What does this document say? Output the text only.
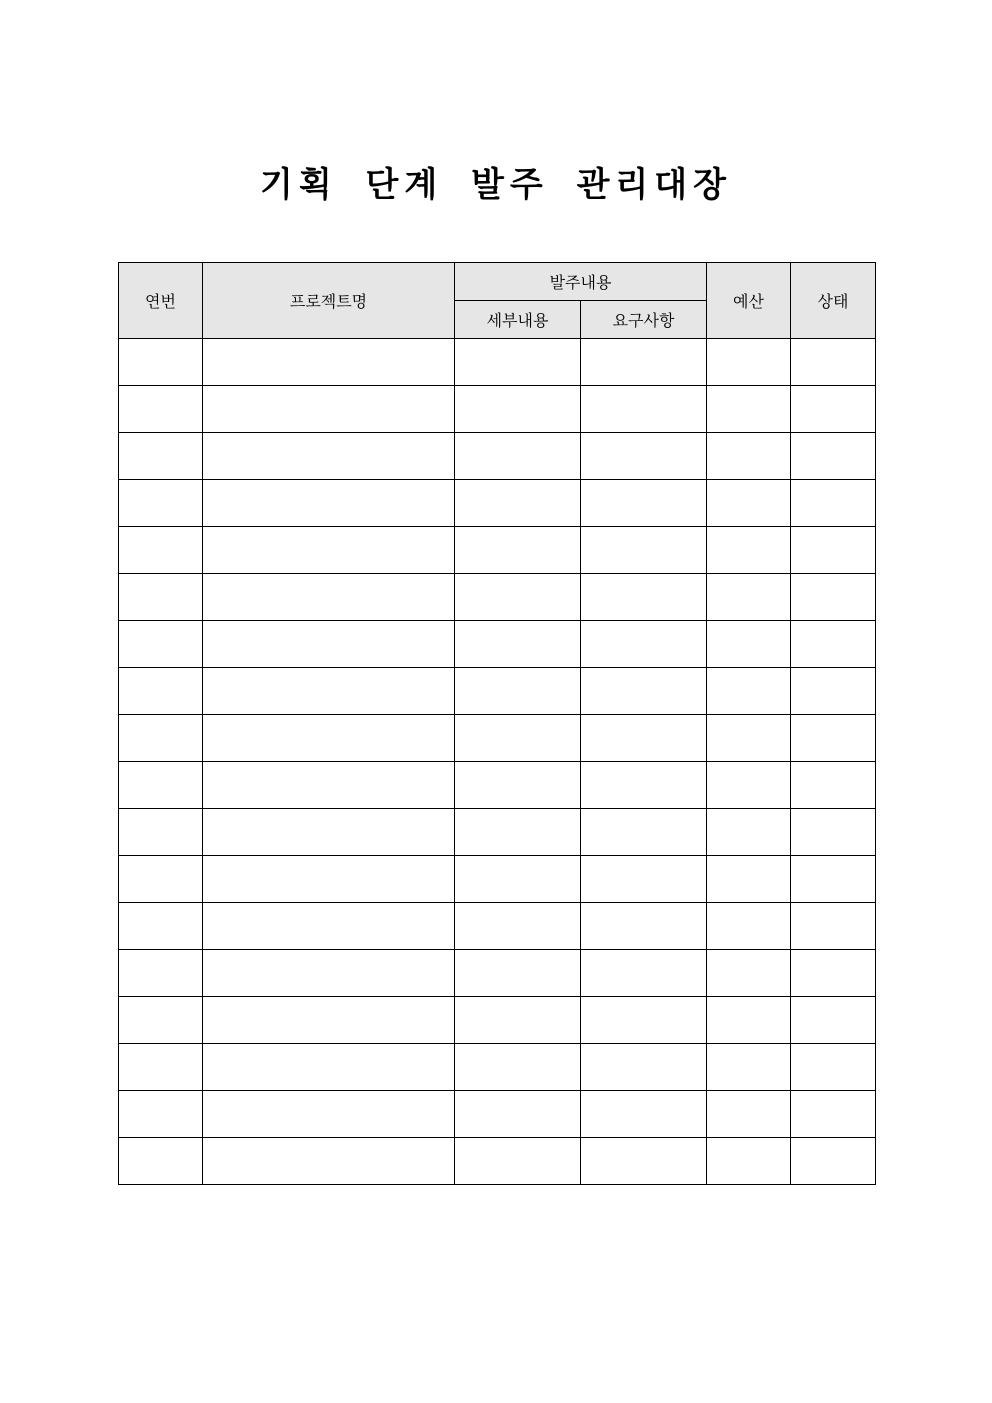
기획 단계 발주 관리대장
연번	프로젝트명	발주내용		예산	상태
		세부내용	요구사항		
